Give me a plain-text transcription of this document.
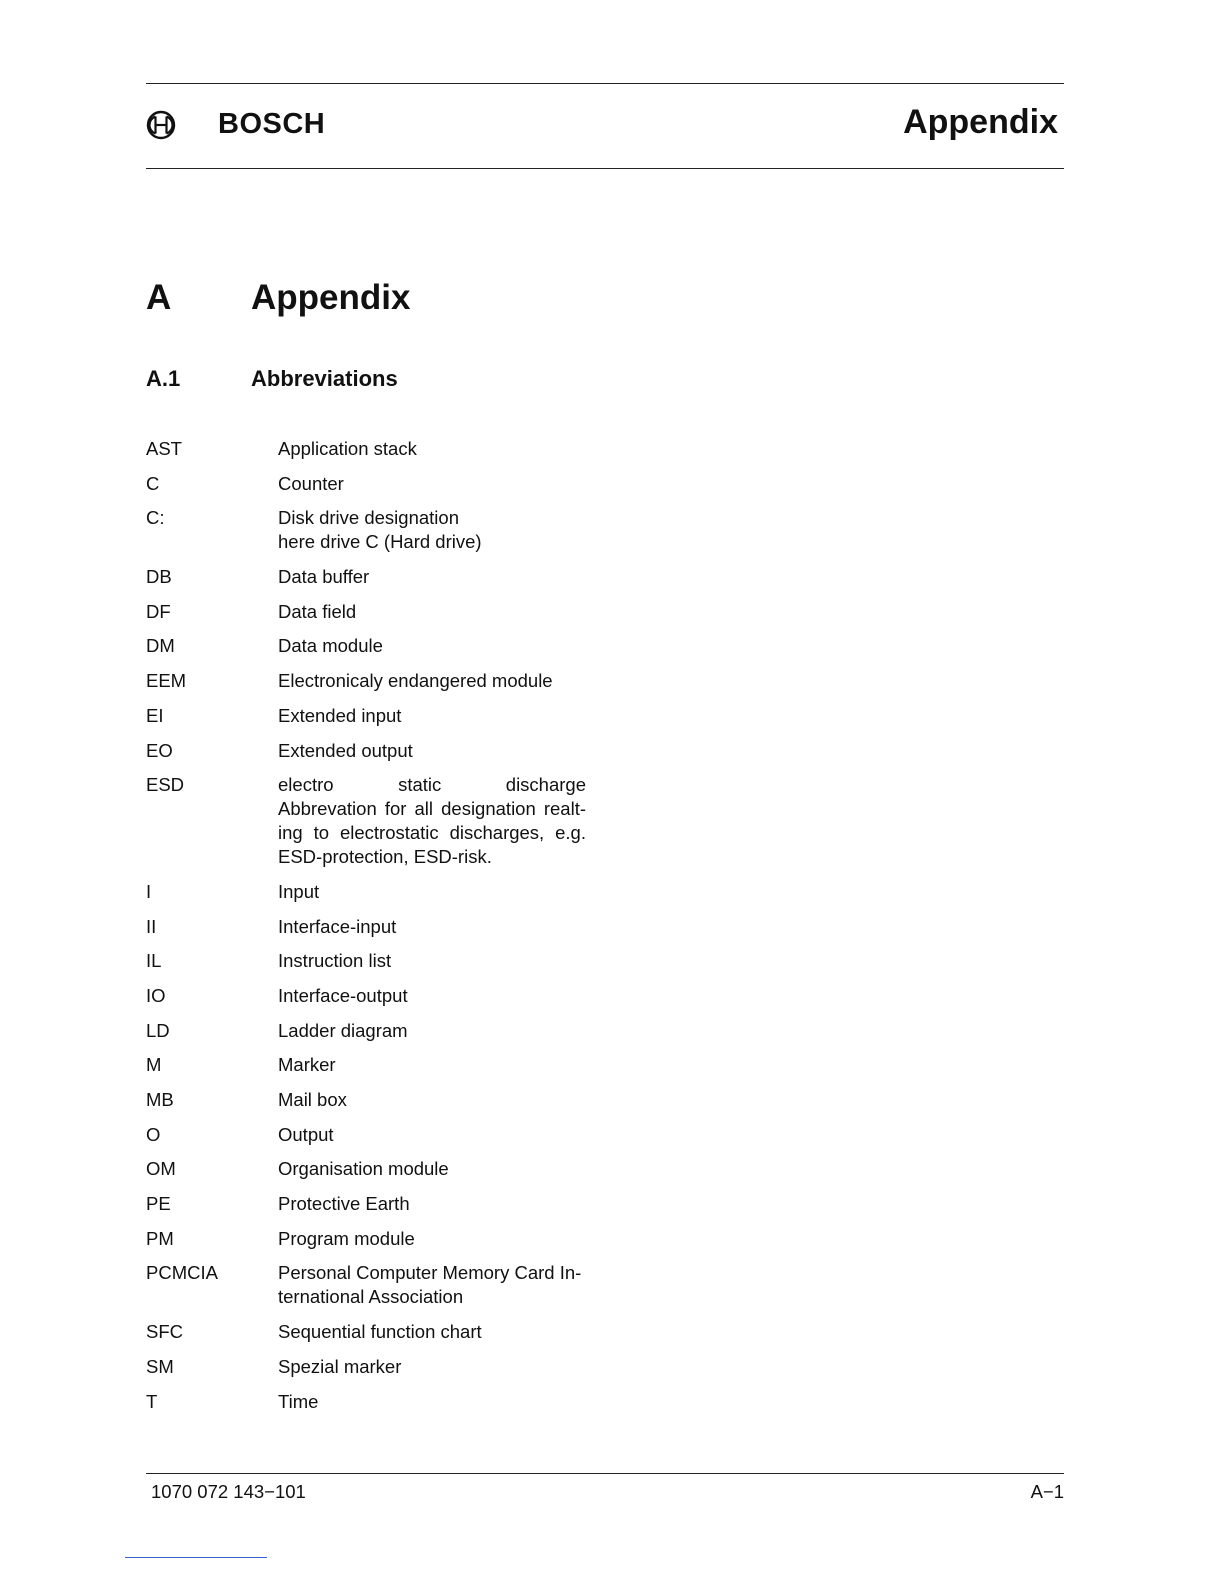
BOSCH	Appendix
A Appendix
A.1	Abbreviations
AST	Application stack
C	Counter
C:	Disk drive designation
here drive C (Hard drive)
DB	Data buffer
DF	Data field
DM	Data module
EEM	Electronicaly endangered module
EI	Extended input
EO	Extended output
ESD	electro static discharge
Abbrevation for all designation realt-
ing to electrostatic discharges, e.g.
ESD-protection, ESD-risk.
I	Input
II	Interface-input
IL	Instruction list
IO	Interface-output
LD	Ladder diagram
M	Marker
MB	Mail box
O	Output
OM	Organisation module
PE	Protective Earth
PM	Program module
PCMCIA	Personal Computer Memory Card In-
ternational Association
SFC	Sequential function chart
SM	Spezial marker
T	Time
1070 072 143−101	A−1
